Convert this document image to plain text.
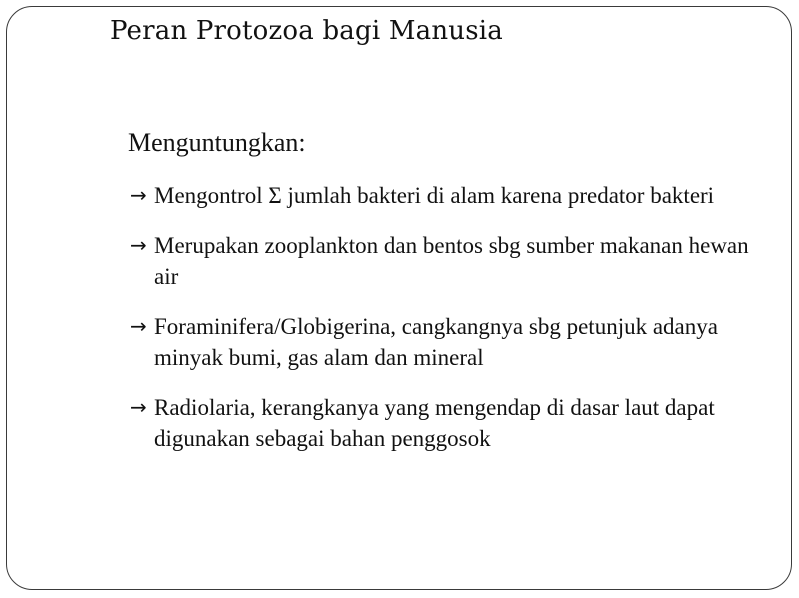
Peran Protozoa bagi Manusia
Menguntungkan:
→ Mengontrol Σ jumlah bakteri di alam karena predator bakteri
→ Merupakan zooplankton dan bentos sbg sumber makanan hewan air
→ Foraminifera/Globigerina, cangkangnya sbg petunjuk adanya minyak bumi, gas alam dan mineral
→ Radiolaria, kerangkanya yang mengendap di dasar laut dapat digunakan sebagai bahan penggosok
